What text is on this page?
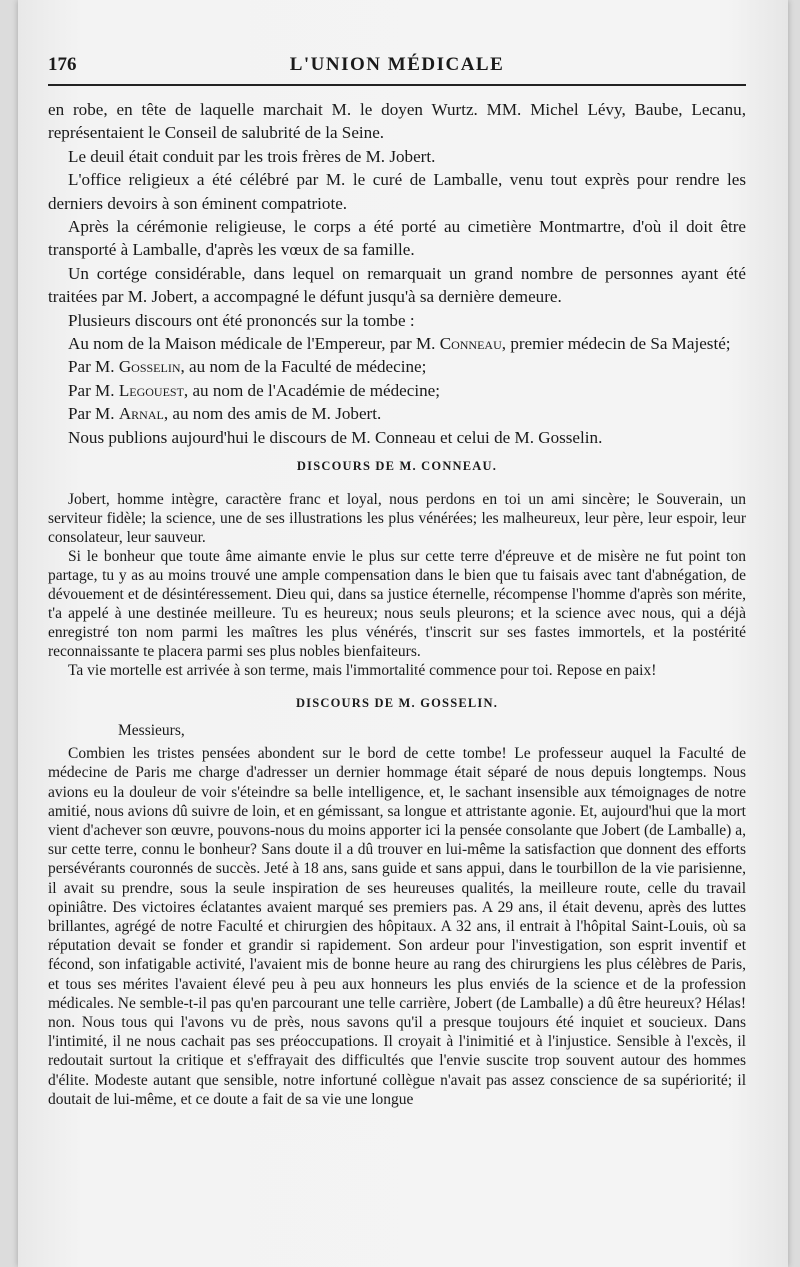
176	L'UNION MÉDICALE

en robe, en tête de laquelle marchait M. le doyen Wurtz. MM. Michel Lévy, Baube, Lecanu, représentaient le Conseil de salubrité de la Seine.

Le deuil était conduit par les trois frères de M. Jobert.

L'office religieux a été célébré par M. le curé de Lamballe, venu tout exprès pour rendre les derniers devoirs à son éminent compatriote.

Après la cérémonie religieuse, le corps a été porté au cimetière Montmartre, d'où il doit être transporté à Lamballe, d'après les vœux de sa famille.

Un cortége considérable, dans lequel on remarquait un grand nombre de personnes ayant été traitées par M. Jobert, a accompagné le défunt jusqu'à sa dernière demeure.

Plusieurs discours ont été prononcés sur la tombe :

Au nom de la Maison médicale de l'Empereur, par M. Conneau, premier médecin de Sa Majesté;

Par M. Gosselin, au nom de la Faculté de médecine;

Par M. Legouest, au nom de l'Académie de médecine;

Par M. Arnal, au nom des amis de M. Jobert.

Nous publions aujourd'hui le discours de M. Conneau et celui de M. Gosselin.

DISCOURS DE M. CONNEAU.

Jobert, homme intègre, caractère franc et loyal, nous perdons en toi un ami sincère; le Souverain, un serviteur fidèle; la science, une de ses illustrations les plus vénérées; les malheureux, leur père, leur espoir, leur consolateur, leur sauveur.

Si le bonheur que toute âme aimante envie le plus sur cette terre d'épreuve et de misère ne fut point ton partage, tu y as au moins trouvé une ample compensation dans le bien que tu faisais avec tant d'abnégation, de dévouement et de désintéressement. Dieu qui, dans sa justice éternelle, récompense l'homme d'après son mérite, t'a appelé à une destinée meilleure. Tu es heureux; nous seuls pleurons; et la science avec nous, qui a déjà enregistré ton nom parmi les maîtres les plus vénérés, t'inscrit sur ses fastes immortels, et la postérité reconnaissante te placera parmi ses plus nobles bienfaiteurs.

Ta vie mortelle est arrivée à son terme, mais l'immortalité commence pour toi. Repose en paix!

DISCOURS DE M. GOSSELIN.

Messieurs,

Combien les tristes pensées abondent sur le bord de cette tombe! Le professeur auquel la Faculté de médecine de Paris me charge d'adresser un dernier hommage était séparé de nous depuis longtemps. Nous avions eu la douleur de voir s'éteindre sa belle intelligence, et, le sachant insensible aux témoignages de notre amitié, nous avions dû suivre de loin, et en gémissant, sa longue et attristante agonie. Et, aujourd'hui que la mort vient d'achever son œuvre, pouvons-nous du moins apporter ici la pensée consolante que Jobert (de Lamballe) a, sur cette terre, connu le bonheur? Sans doute il a dû trouver en lui-même la satisfaction que donnent des efforts persévérants couronnés de succès. Jeté à 18 ans, sans guide et sans appui, dans le tourbillon de la vie parisienne, il avait su prendre, sous la seule inspiration de ses heureuses qualités, la meilleure route, celle du travail opiniâtre. Des victoires éclatantes avaient marqué ses premiers pas. A 29 ans, il était devenu, après des luttes brillantes, agrégé de notre Faculté et chirurgien des hôpitaux. A 32 ans, il entrait à l'hôpital Saint-Louis, où sa réputation devait se fonder et grandir si rapidement. Son ardeur pour l'investigation, son esprit inventif et fécond, son infatigable activité, l'avaient mis de bonne heure au rang des chirurgiens les plus célèbres de Paris, et tous ses mérites l'avaient élevé peu à peu aux honneurs les plus enviés de la science et de la profession médicales. Ne semble-t-il pas qu'en parcourant une telle carrière, Jobert (de Lamballe) a dû être heureux? Hélas! non. Nous tous qui l'avons vu de près, nous savons qu'il a presque toujours été inquiet et soucieux. Dans l'intimité, il ne nous cachait pas ses préoccupations. Il croyait à l'inimitié et à l'injustice. Sensible à l'excès, il redoutait surtout la critique et s'effrayait des difficultés que l'envie suscite trop souvent autour des hommes d'élite. Modeste autant que sensible, notre infortuné collègue n'avait pas assez conscience de sa supériorité; il doutait de lui-même, et ce doute a fait de sa vie une longue
